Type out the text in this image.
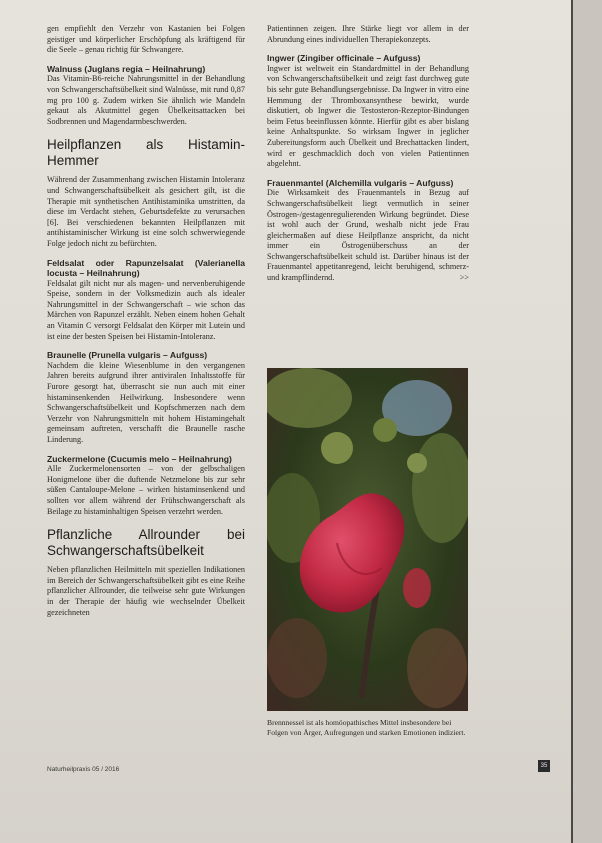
gen empfiehlt den Verzehr von Kastanien bei Folgen geistiger und körperlicher Erschöpfung als kräftigend für die Seele – genau richtig für Schwangere.

Walnuss (Juglans regia – Heilnahrung)

Das Vitamin-B6-reiche Nahrungsmittel in der Behandlung von Schwangerschaftsübelkeit sind Walnüsse, mit rund 0,87 mg pro 100 g. Zudem wirken Sie ähnlich wie Mandeln gekaut als Akutmittel gegen Übelkeitsattacken bei Sodbrennen und Magendarmbeschwerden.

Heilpflanzen als Histamin-Hemmer

Während der Zusammenhang zwischen Histamin Intoleranz und Schwangerschaftsübelkeit als gesichert gilt, ist die Therapie mit synthetischen Antihistaminika umstritten, da diese im Verdacht stehen, Geburtsdefekte zu verursachen [6]. Bei verschiedenen bekannten Heilpflanzen mit antihistaminischer Wirkung ist eine solch schwerwiegende Folge jedoch nicht zu befürchten.

Feldsalat oder Rapunzelsalat (Valerianella locusta – Heilnahrung)

Feldsalat gilt nicht nur als magen- und nervenberuhigende Speise, sondern in der Volksmedizin auch als idealer Nahrungsmittel in der Schwangerschaft – wie schon das Märchen von Rapunzel erzählt. Neben einem hohen Gehalt an Vitamin C versorgt Feldsalat den Körper mit Lutein und ist eine der besten Speisen bei Histamin-Intoleranz.

Braunelle (Prunella vulgaris – Aufguss)

Nachdem die kleine Wiesenblume in den vergangenen Jahren bereits aufgrund ihrer antiviralen Inhaltsstoffe für Furore gesorgt hat, überrascht sie nun auch mit einer histaminsenkenden Heilwirkung. Insbesondere wenn Schwangerschaftsübelkeit und Kopfschmerzen nach dem Verzehr von Nahrungsmitteln mit hohem Histamingehalt gemeinsam auftreten, verschafft die Braunelle rasche Linderung.

Zuckermelone (Cucumis melo – Heilnahrung)

Alle Zuckermelonensorten – von der gelbschaligen Honigmelone über die duftende Netzmelone bis zur sehr süßen Cantaloupe-Melone – wirken histaminsenkend und sollten vor allem während der Frühschwangerschaft als Beilage zu histaminhaltigen Speisen verzehrt werden.

Pflanzliche Allrounder bei Schwangerschaftsübelkeit

Neben pflanzlichen Heilmitteln mit speziellen Indikationen im Bereich der Schwangerschaftsübelkeit gibt es eine Reihe pflanzlicher Allrounder, die teilweise sehr gute Wirkungen in der Therapie der häufig wie wechselnder Übelkeit gezeichneten

Patientinnen zeigen. Ihre Stärke liegt vor allem in der Abrundung eines individuellen Therapiekonzepts.

Ingwer (Zingiber officinale – Aufguss)

Ingwer ist weltweit ein Standardmittel in der Behandlung von Schwangerschaftsübelkeit und zeigt fast durchweg gute bis sehr gute Behandlungsergebnisse. Da Ingwer in vitro eine Hemmung der Thromboxansynthese bewirkt, wurde diskutiert, ob Ingwer die Testosteron-Rezeptor-Bindungen beim Fetus beeinflussen könnte. Hierfür gibt es aber bislang keine Anhaltspunkte. So wirksam Ingwer in jeglicher Zubereitungsform auch Übelkeit und Brechattacken lindert, wird er geschmacklich doch von vielen Patientinnen abgelehnt.

Frauenmantel (Alchemilla vulgaris – Aufguss)

Die Wirksamkeit des Frauenmantels in Bezug auf Schwangerschaftsübelkeit liegt vermutlich in seiner Östrogen-/gestagenregulierenden Wirkung begründet. Diese ist wohl auch der Grund, weshalb nicht jede Frau gleichermaßen auf diese Heilpflanze anspricht, da nicht immer ein Östrogenüberschuss an der Schwangerschaftsübelkeit schuld ist. Darüber hinaus ist der Frauenmantel appetitanregend, leicht beruhigend, schmerz- und krampflindernd.	>>

Brennnessel ist als homöopathisches Mittel insbesondere bei Folgen von Ärger, Aufregungen und starken Emotionen indiziert.
Naturheilpraxis 05 / 2016	35
